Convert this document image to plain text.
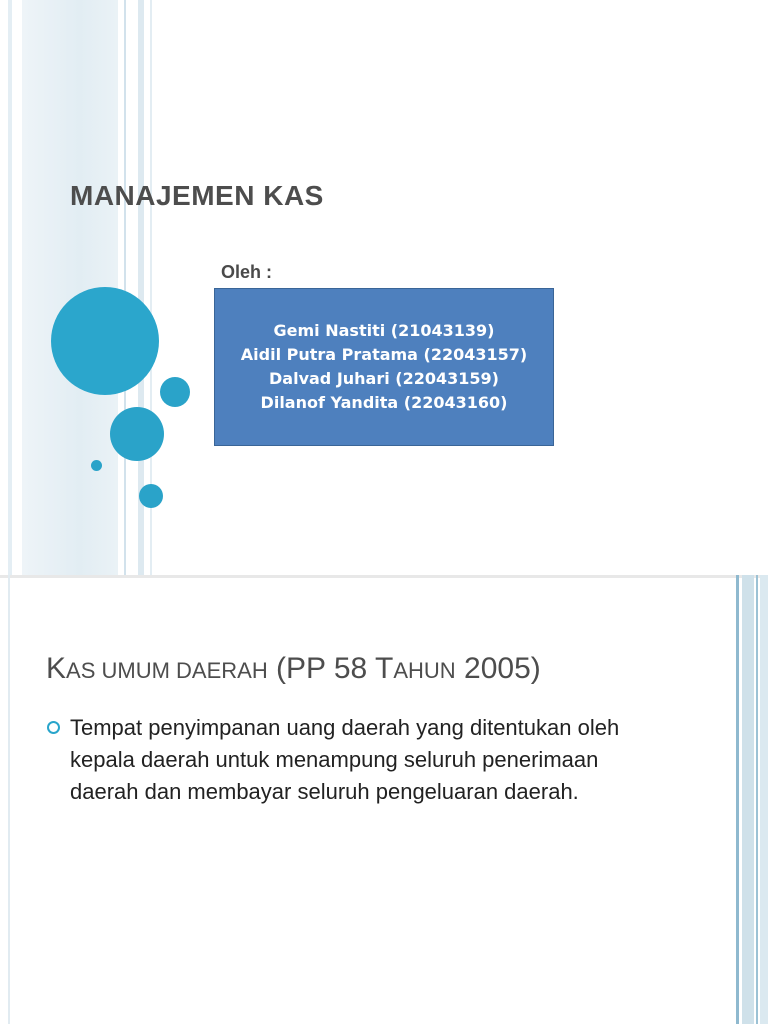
MANAJEMEN KAS
Oleh :
Gemi Nastiti (21043139)
Aidil Putra Pratama (22043157)
Dalvad Juhari (22043159)
Dilanof Yandita (22043160)
KAS UMUM DAERAH (PP 58 TAHUN 2005)
Tempat penyimpanan uang daerah yang ditentukan oleh kepala daerah untuk menampung seluruh penerimaan daerah dan membayar seluruh pengeluaran daerah.
